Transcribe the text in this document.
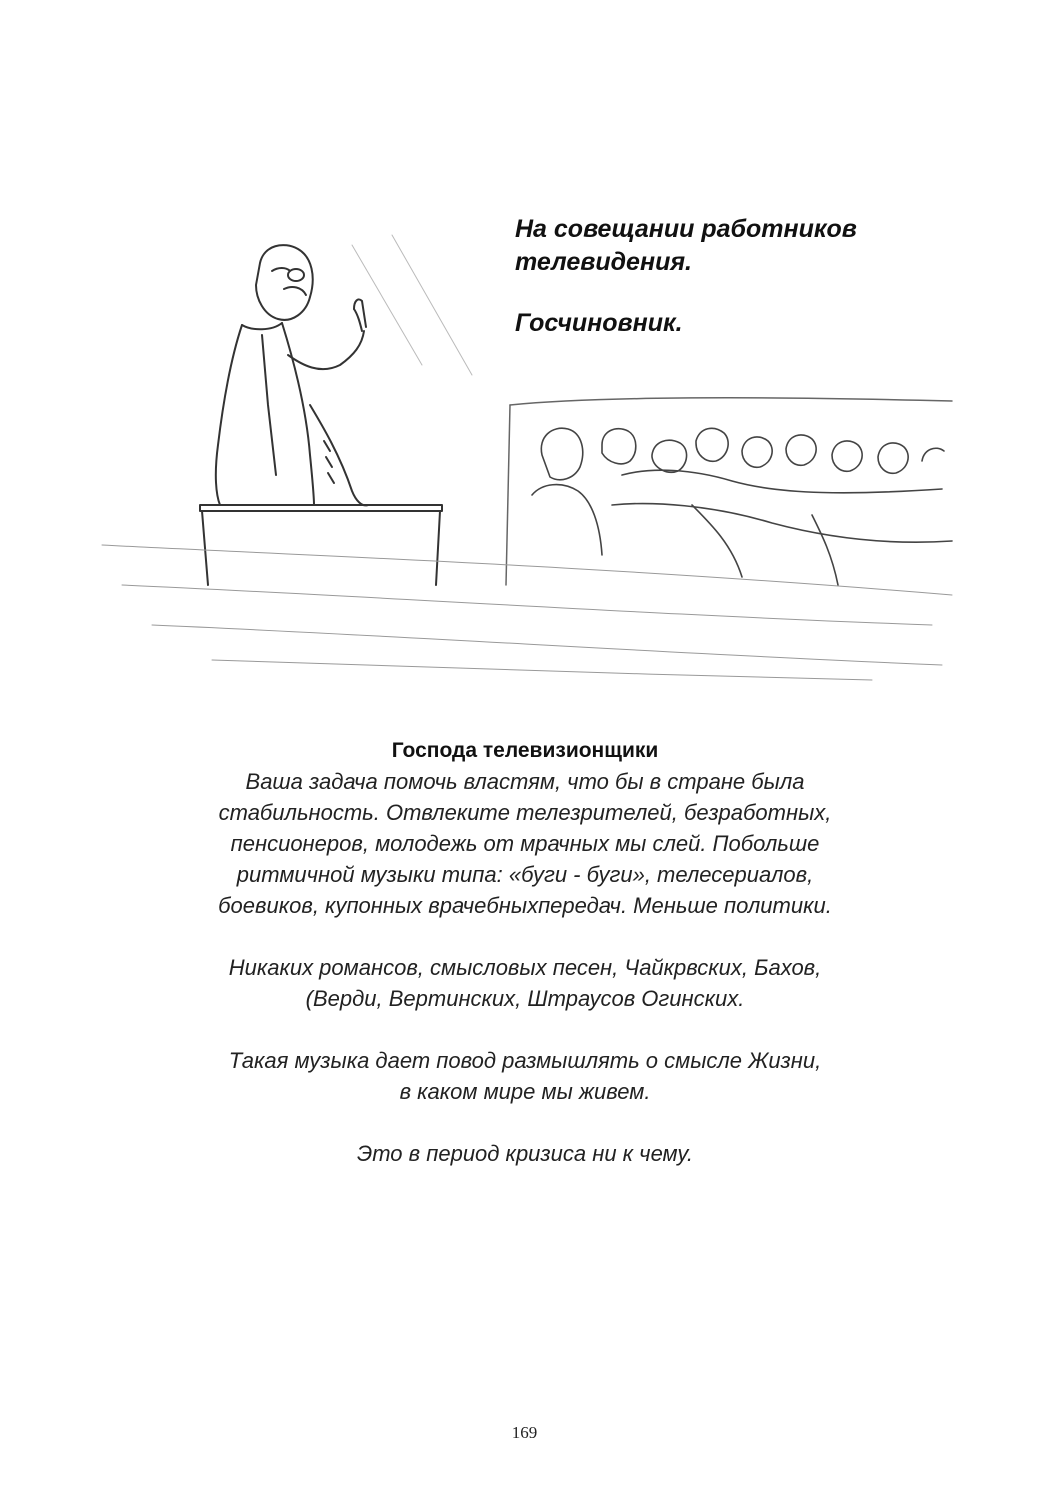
На совещании работников
телевидения.
Госчиновник.
Господа телевизионщики

Ваша задача помочь властям, что бы в стране была
стабильность. Отвлеките телезрителей, безработных,
пенсионеров, молодежь от мрачных мы слей. Побольше
ритмичной музыки типа: «буги - буги», телесериалов,
боевиков, купонных врачебныхпередач. Меньше политики.

Никаких романсов, смысловых песен, Чайкрвских, Бахов,
(Верди, Вертинских, Штраусов Огинских.

Такая музыка дает повод размышлять о смысле Жизни,
в каком мире мы живем.

Это в период кризиса ни к чему.

169
